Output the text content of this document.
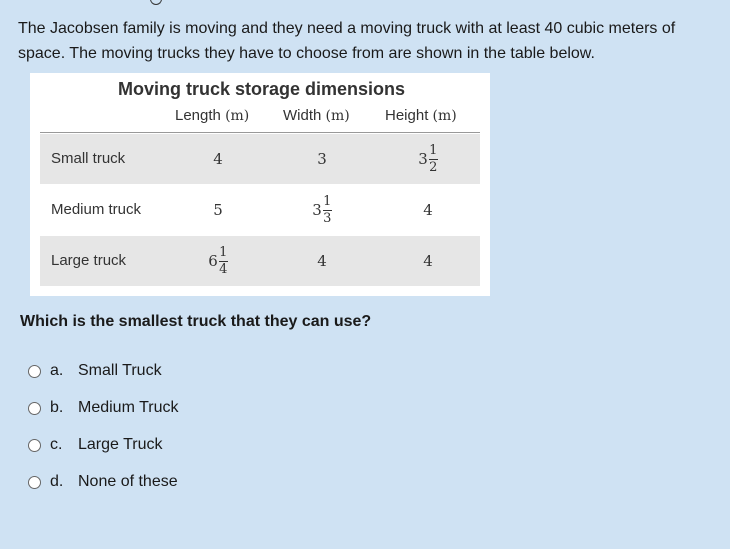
The Jacobsen family is moving and they need a moving truck with at least 40 cubic meters of space. The moving trucks they have to choose from are shown in the table below.
Moving truck storage dimensions
Length (m) Width (m) Height (m)
Small truck	4	3	$3 \frac{1}{2}$
Medium truck	5	$3 \frac{1}{3}$	4
Large truck	$6 \frac{1}{4}$	4	4
Which is the smallest truck that they can use?
a. Small Truck
b. Medium Truck
c. Large Truck
d. None of these
